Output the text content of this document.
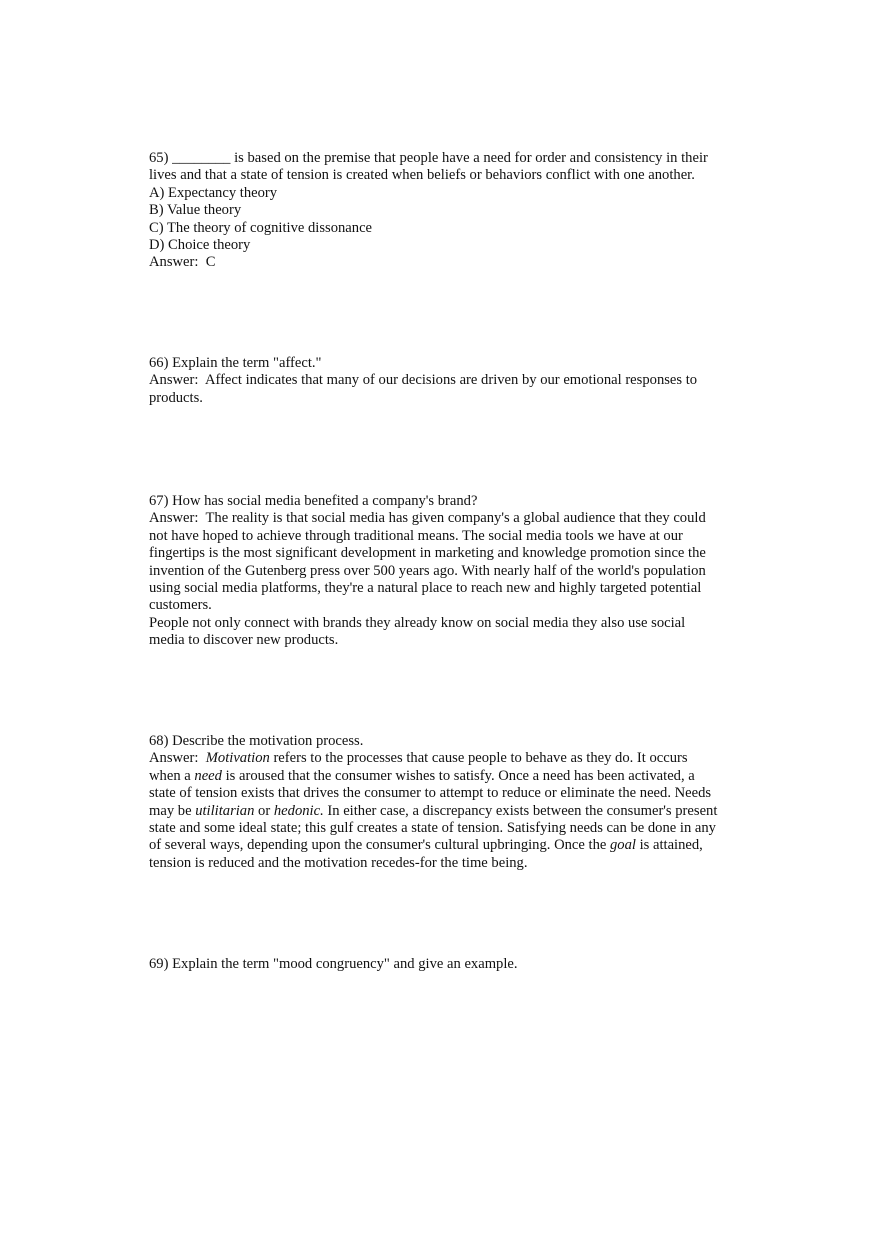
65) ________ is based on the premise that people have a need for order and consistency in their
lives and that a state of tension is created when beliefs or behaviors conflict with one another.
A) Expectancy theory
B) Value theory
C) The theory of cognitive dissonance
D) Choice theory
Answer:  C
66) Explain the term "affect."
Answer:  Affect indicates that many of our decisions are driven by our emotional responses to
products.
67) How has social media benefited a company's brand?
Answer:  The reality is that social media has given company's a global audience that they could
not have hoped to achieve through traditional means. The social media tools we have at our
fingertips is the most significant development in marketing and knowledge promotion since the
invention of the Gutenberg press over 500 years ago. With nearly half of the world's population
using social media platforms, they're a natural place to reach new and highly targeted potential
customers.
People not only connect with brands they already know on social media they also use social
media to discover new products.
68) Describe the motivation process.
Answer:  Motivation refers to the processes that cause people to behave as they do. It occurs
when a need is aroused that the consumer wishes to satisfy. Once a need has been activated, a
state of tension exists that drives the consumer to attempt to reduce or eliminate the need. Needs
may be utilitarian or hedonic. In either case, a discrepancy exists between the consumer's present
state and some ideal state; this gulf creates a state of tension. Satisfying needs can be done in any
of several ways, depending upon the consumer's cultural upbringing. Once the goal is attained,
tension is reduced and the motivation recedes-for the time being.
69) Explain the term "mood congruency" and give an example.
